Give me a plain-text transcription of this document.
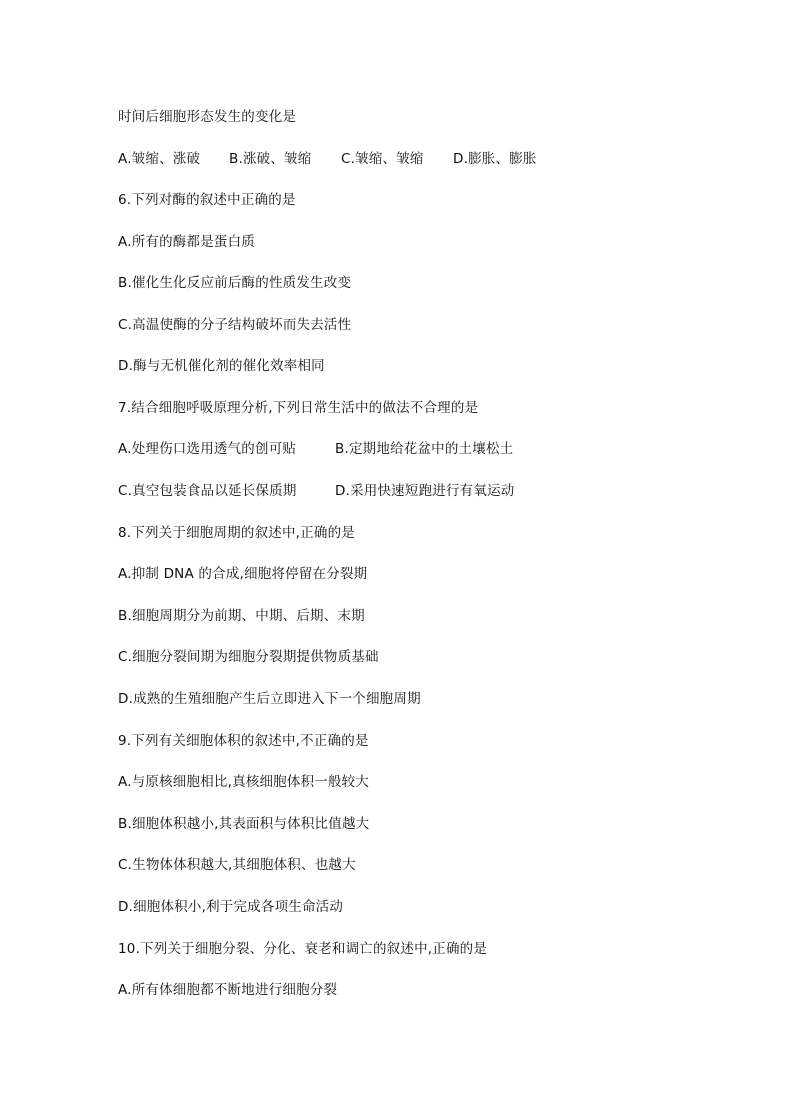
时间后细胞形态发生的变化是
A.皱缩、涨破 B.涨破、皱缩 C.皱缩、皱缩 D.膨胀、膨胀
6.下列对酶的叙述中正确的是
A.所有的酶都是蛋白质
B.催化生化反应前后酶的性质发生改变
C.高温使酶的分子结构破坏而失去活性
D.酶与无机催化剂的催化效率相同
7.结合细胞呼吸原理分析,下列日常生活中的做法不合理的是
A.处理伤口选用透气的创可贴	B.定期地给花盆中的土壤松土
C.真空包装食品以延长保质期	D.采用快速短跑进行有氧运动
8.下列关于细胞周期的叙述中,正确的是
A.抑制 DNA 的合成,细胞将停留在分裂期
B.细胞周期分为前期、中期、后期、末期
C.细胞分裂间期为细胞分裂期提供物质基础
D.成熟的生殖细胞产生后立即进入下一个细胞周期
9.下列有关细胞体积的叙述中,不正确的是
A.与原核细胞相比,真核细胞体积一般较大
B.细胞体积越小,其表面积与体积比值越大
C.生物体体积越大,其细胞体积、也越大
D.细胞体积小,利于完成各项生命活动
10.下列关于细胞分裂、分化、衰老和调亡的叙述中,正确的是
A.所有体细胞都不断地进行细胞分裂
